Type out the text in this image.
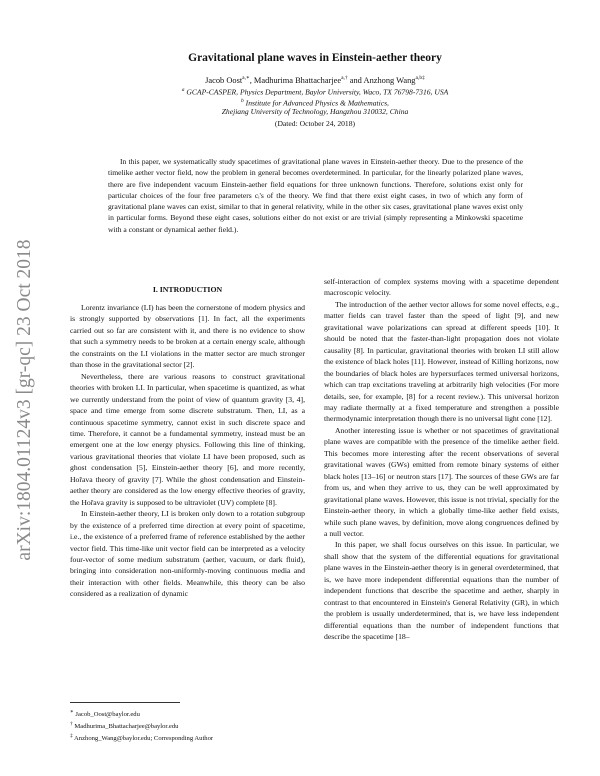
arXiv:1804.01124v3 [gr-qc] 23 Oct 2018
Gravitational plane waves in Einstein-aether theory
Jacob Oost$^{a,∗}$, Madhurima Bhattacharjee$^{a,\dagger}$ and Anzhong Wang$^{a,b\ddagger}$
$^a$ GCAP-CASPER, Physics Department, Baylor University, Waco, TX 76798-7316, USA
$^b$ Institute for Advanced Physics & Mathematics,
Zhejiang University of Technology, Hangzhou 310032, China
(Dated: October 24, 2018)
In this paper, we systematically study spacetimes of gravitational plane waves in Einstein-aether theory. Due to the presence of the timelike aether vector field, now the problem in general becomes overdetermined. In particular, for the linearly polarized plane waves, there are five independent vacuum Einstein-aether field equations for three unknown functions. Therefore, solutions exist only for particular choices of the four free parameters cᵢ's of the theory. We find that there exist eight cases, in two of which any form of gravitational plane waves can exist, similar to that in general relativity, while in the other six cases, gravitational plane waves exist only in particular forms. Beyond these eight cases, solutions either do not exist or are trivial (simply representing a Minkowski spacetime with a constant or dynamical aether field.).
I. INTRODUCTION

Lorentz invariance (LI) has been the cornerstone of modern physics and is strongly supported by observations [1]. In fact, all the experiments carried out so far are consistent with it, and there is no evidence to show that such a symmetry needs to be broken at a certain energy scale, although the constraints on the LI violations in the matter sector are much stronger than those in the gravitational sector [2].

Nevertheless, there are various reasons to construct gravitational theories with broken LI. In particular, when spacetime is quantized, as what we currently understand from the point of view of quantum gravity [3, 4], space and time emerge from some discrete substratum. Then, LI, as a continuous spacetime symmetry, cannot exist in such discrete space and time. Therefore, it cannot be a fundamental symmetry, instead must be an emergent one at the low energy physics. Following this line of thinking, various gravitational theories that violate LI have been proposed, such as ghost condensation [5], Einstein-aether theory [6], and more recently, Hořava theory of gravity [7]. While the ghost condensation and Einstein-aether theory are considered as the low energy effective theories of gravity, the Hořava gravity is supposed to be ultraviolet (UV) complete [8].

In Einstein-aether theory, LI is broken only down to a rotation subgroup by the existence of a preferred time direction at every point of spacetime, i.e., the existence of a preferred frame of reference established by the aether vector field. This time-like unit vector field can be interpreted as a velocity four-vector of some medium substratum (aether, vacuum, or dark fluid), bringing into consideration non-uniformly-moving continuous media and their interaction with other fields. Meanwhile, this theory can be also considered as a realization of dynamic

self-interaction of complex systems moving with a spacetime dependent macroscopic velocity.

The introduction of the aether vector allows for some novel effects, e.g., matter fields can travel faster than the speed of light [9], and new gravitational wave polarizations can spread at different speeds [10]. It should be noted that the faster-than-light propagation does not violate causality [8]. In particular, gravitational theories with broken LI still allow the existence of black holes [11]. However, instead of Killing horizons, now the boundaries of black holes are hypersurfaces termed universal horizons, which can trap excitations traveling at arbitrarily high velocities (For more details, see, for example, [8] for a recent review.). This universal horizon may radiate thermally at a fixed temperature and strengthen a possible thermodynamic interpretation though there is no universal light cone [12].

Another interesting issue is whether or not spacetimes of gravitational plane waves are compatible with the presence of the timelike aether field. This becomes more interesting after the recent observations of several gravitational waves (GWs) emitted from remote binary systems of either black holes [13–16] or neutron stars [17]. The sources of these GWs are far from us, and when they arrive to us, they can be well approximated by gravitational plane waves. However, this issue is not trivial, specially for the Einstein-aether theory, in which a globally time-like aether field exists, while such plane waves, by definition, move along congruences defined by a null vector.

In this paper, we shall focus ourselves on this issue. In particular, we shall show that the system of the differential equations for gravitational plane waves in the Einstein-aether theory is in general overdetermined, that is, we have more independent differential equations than the number of independent functions that describe the spacetime and aether, sharply in contrast to that encountered in Einstein's General Relativity (GR), in which the problem is usually underdetermined, that is, we have less independent differential equations than the number of independent functions that describe the spacetime [18–

∗ Jacob_Oost@baylor.edu
† Madhurima_Bhattacharjee@baylor.edu
‡ Anzhong_Wang@baylor.edu; Corresponding Author
